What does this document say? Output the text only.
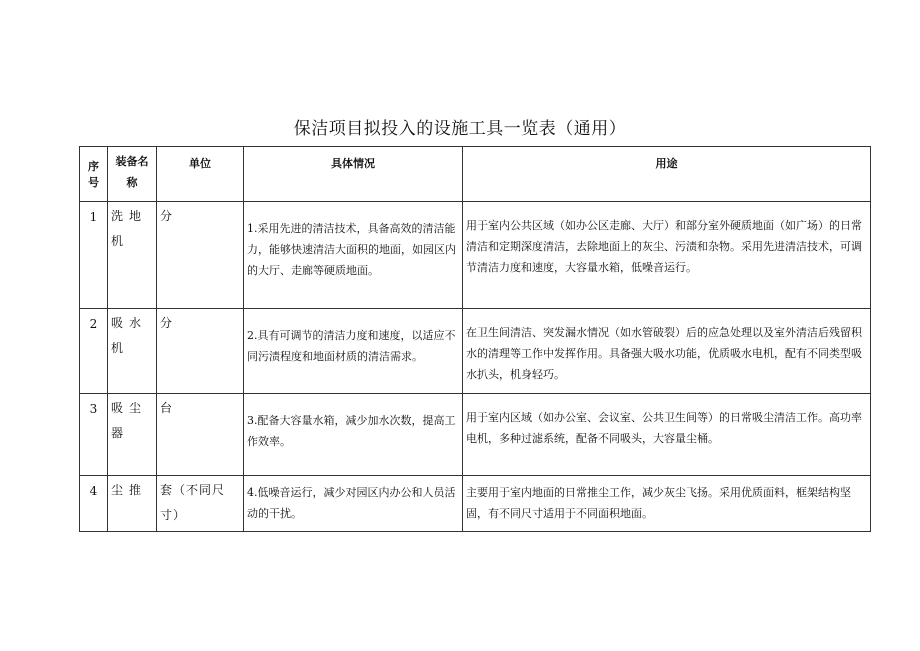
保洁项目拟投入的设施工具一览表（通用）
序号	装备名称	单位	具体情况	用途
1	洗地机	分	1.采用先进的清洁技术，具备高效的清洁能力，能够快速清洁大面积的地面，如园区内的大厅、走廊等硬质地面。	用于室内公共区域（如办公区走廊、大厅）和部分室外硬质地面（如广场）的日常清洁和定期深度清洁，去除地面上的灰尘、污渍和杂物。采用先进清洁技术，可调节清洁力度和速度，大容量水箱，低噪音运行。
2	吸水机	分	2.具有可调节的清洁力度和速度，以适应不同污渍程度和地面材质的清洁需求。	在卫生间清洁、突发漏水情况（如水管破裂）后的应急处理以及室外清洁后残留积水的清理等工作中发挥作用。具备强大吸水功能，优质吸水电机，配有不同类型吸水扒头，机身轻巧。
3	吸尘器	台	3.配备大容量水箱，减少加水次数，提高工作效率。	用于室内区域（如办公室、会议室、公共卫生间等）的日常吸尘清洁工作。高功率电机，多种过滤系统，配备不同吸头，大容量尘桶。
4	尘推	套（不同尺寸）	4.低噪音运行，减少对园区内办公和人员活动的干扰。	主要用于室内地面的日常推尘工作，减少灰尘飞扬。采用优质面料，框架结构坚固，有不同尺寸适用于不同面积地面。
